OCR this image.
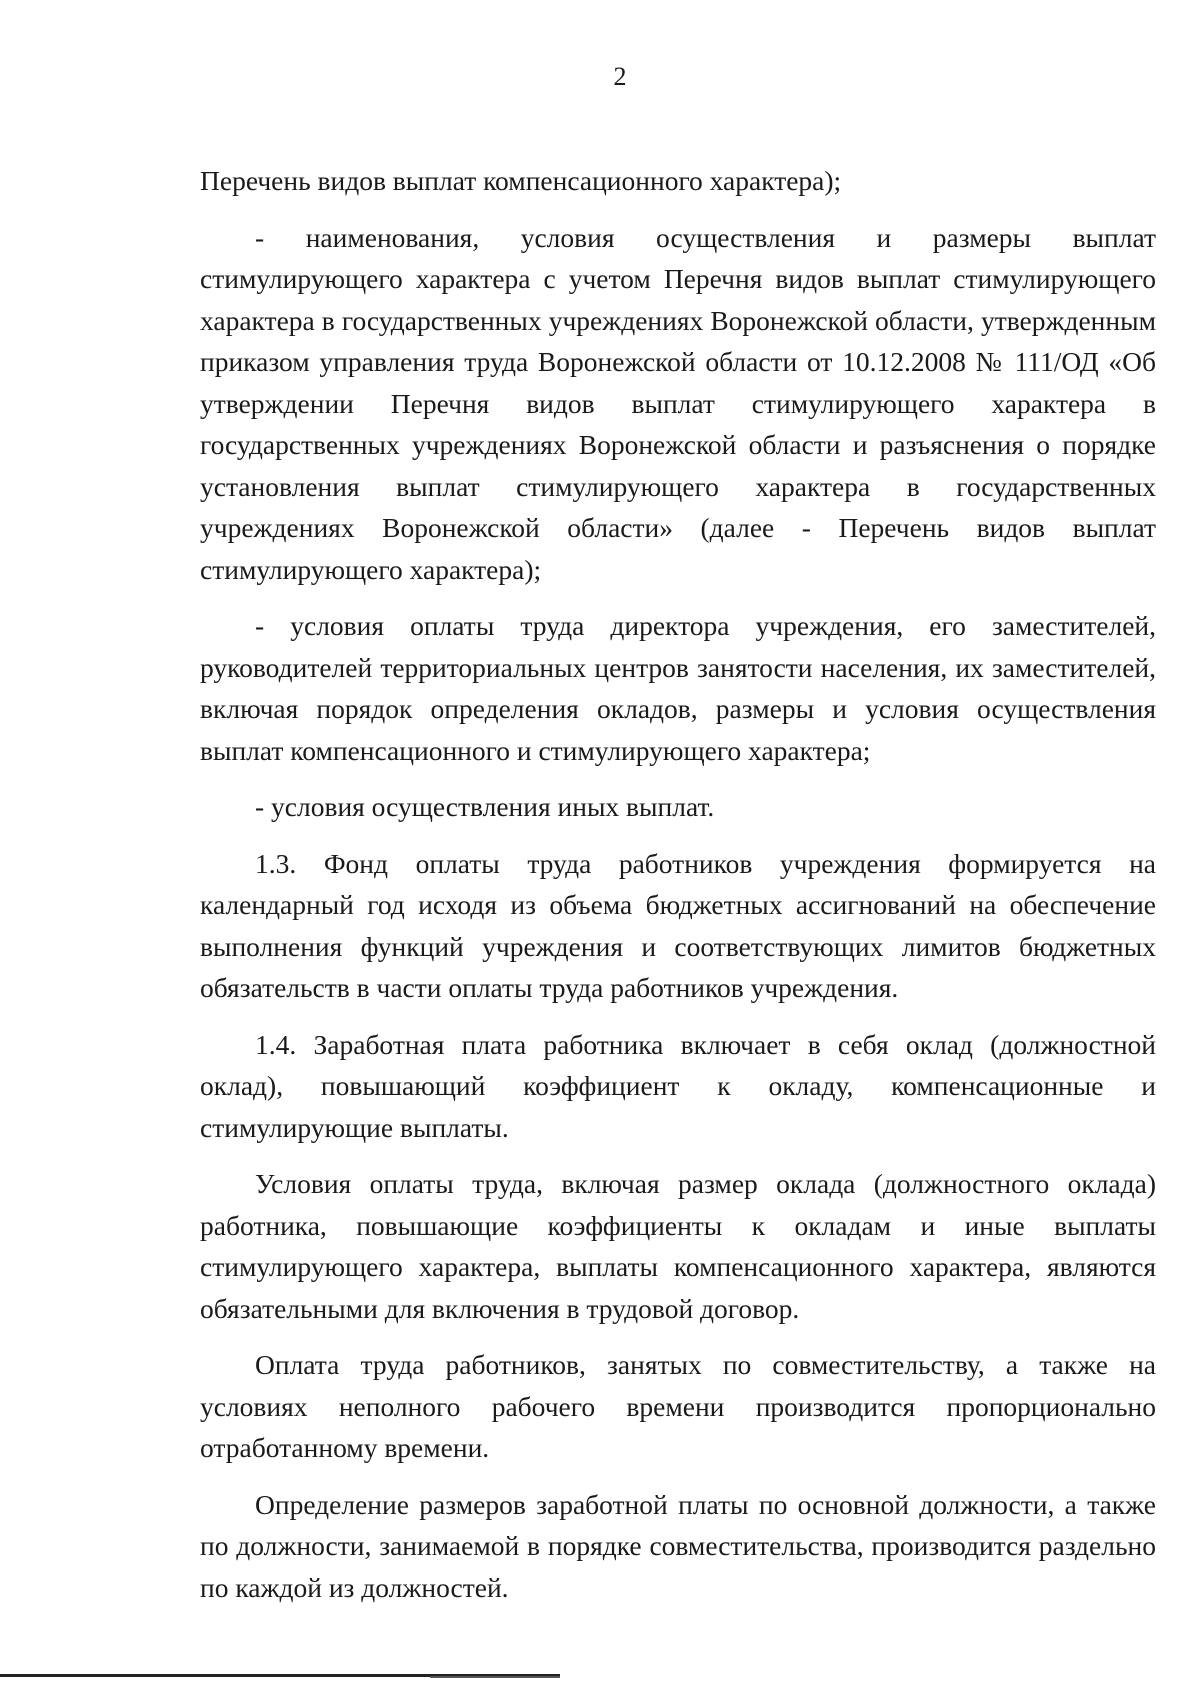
2

Перечень видов выплат компенсационного характера);

- наименования, условия осуществления и размеры выплат стимулирующего характера с учетом Перечня видов выплат стимулирующего характера в государственных учреждениях Воронежской области, утвержденным приказом управления труда Воронежской области от 10.12.2008 № 111/ОД «Об утверждении Перечня видов выплат стимулирующего характера в государственных учреждениях Воронежской области и разъяснения о порядке установления выплат стимулирующего характера в государственных учреждениях Воронежской области» (далее - Перечень видов выплат стимулирующего характера);

- условия оплаты труда директора учреждения, его заместителей, руководителей территориальных центров занятости населения, их заместителей, включая порядок определения окладов, размеры и условия осуществления выплат компенсационного и стимулирующего характера;

- условия осуществления иных выплат.

1.3. Фонд оплаты труда работников учреждения формируется на календарный год исходя из объема бюджетных ассигнований на обеспечение выполнения функций учреждения и соответствующих лимитов бюджетных обязательств в части оплаты труда работников учреждения.

1.4. Заработная плата работника включает в себя оклад (должностной оклад), повышающий коэффициент к окладу, компенсационные и стимулирующие выплаты.

Условия оплаты труда, включая размер оклада (должностного оклада) работника, повышающие коэффициенты к окладам и иные выплаты стимулирующего характера, выплаты компенсационного характера, являются обязательными для включения в трудовой договор.

Оплата труда работников, занятых по совместительству, а также на условиях неполного рабочего времени производится пропорционально отработанному времени.

Определение размеров заработной платы по основной должности, а также по должности, занимаемой в порядке совместительства, производится раздельно по каждой из должностей.
